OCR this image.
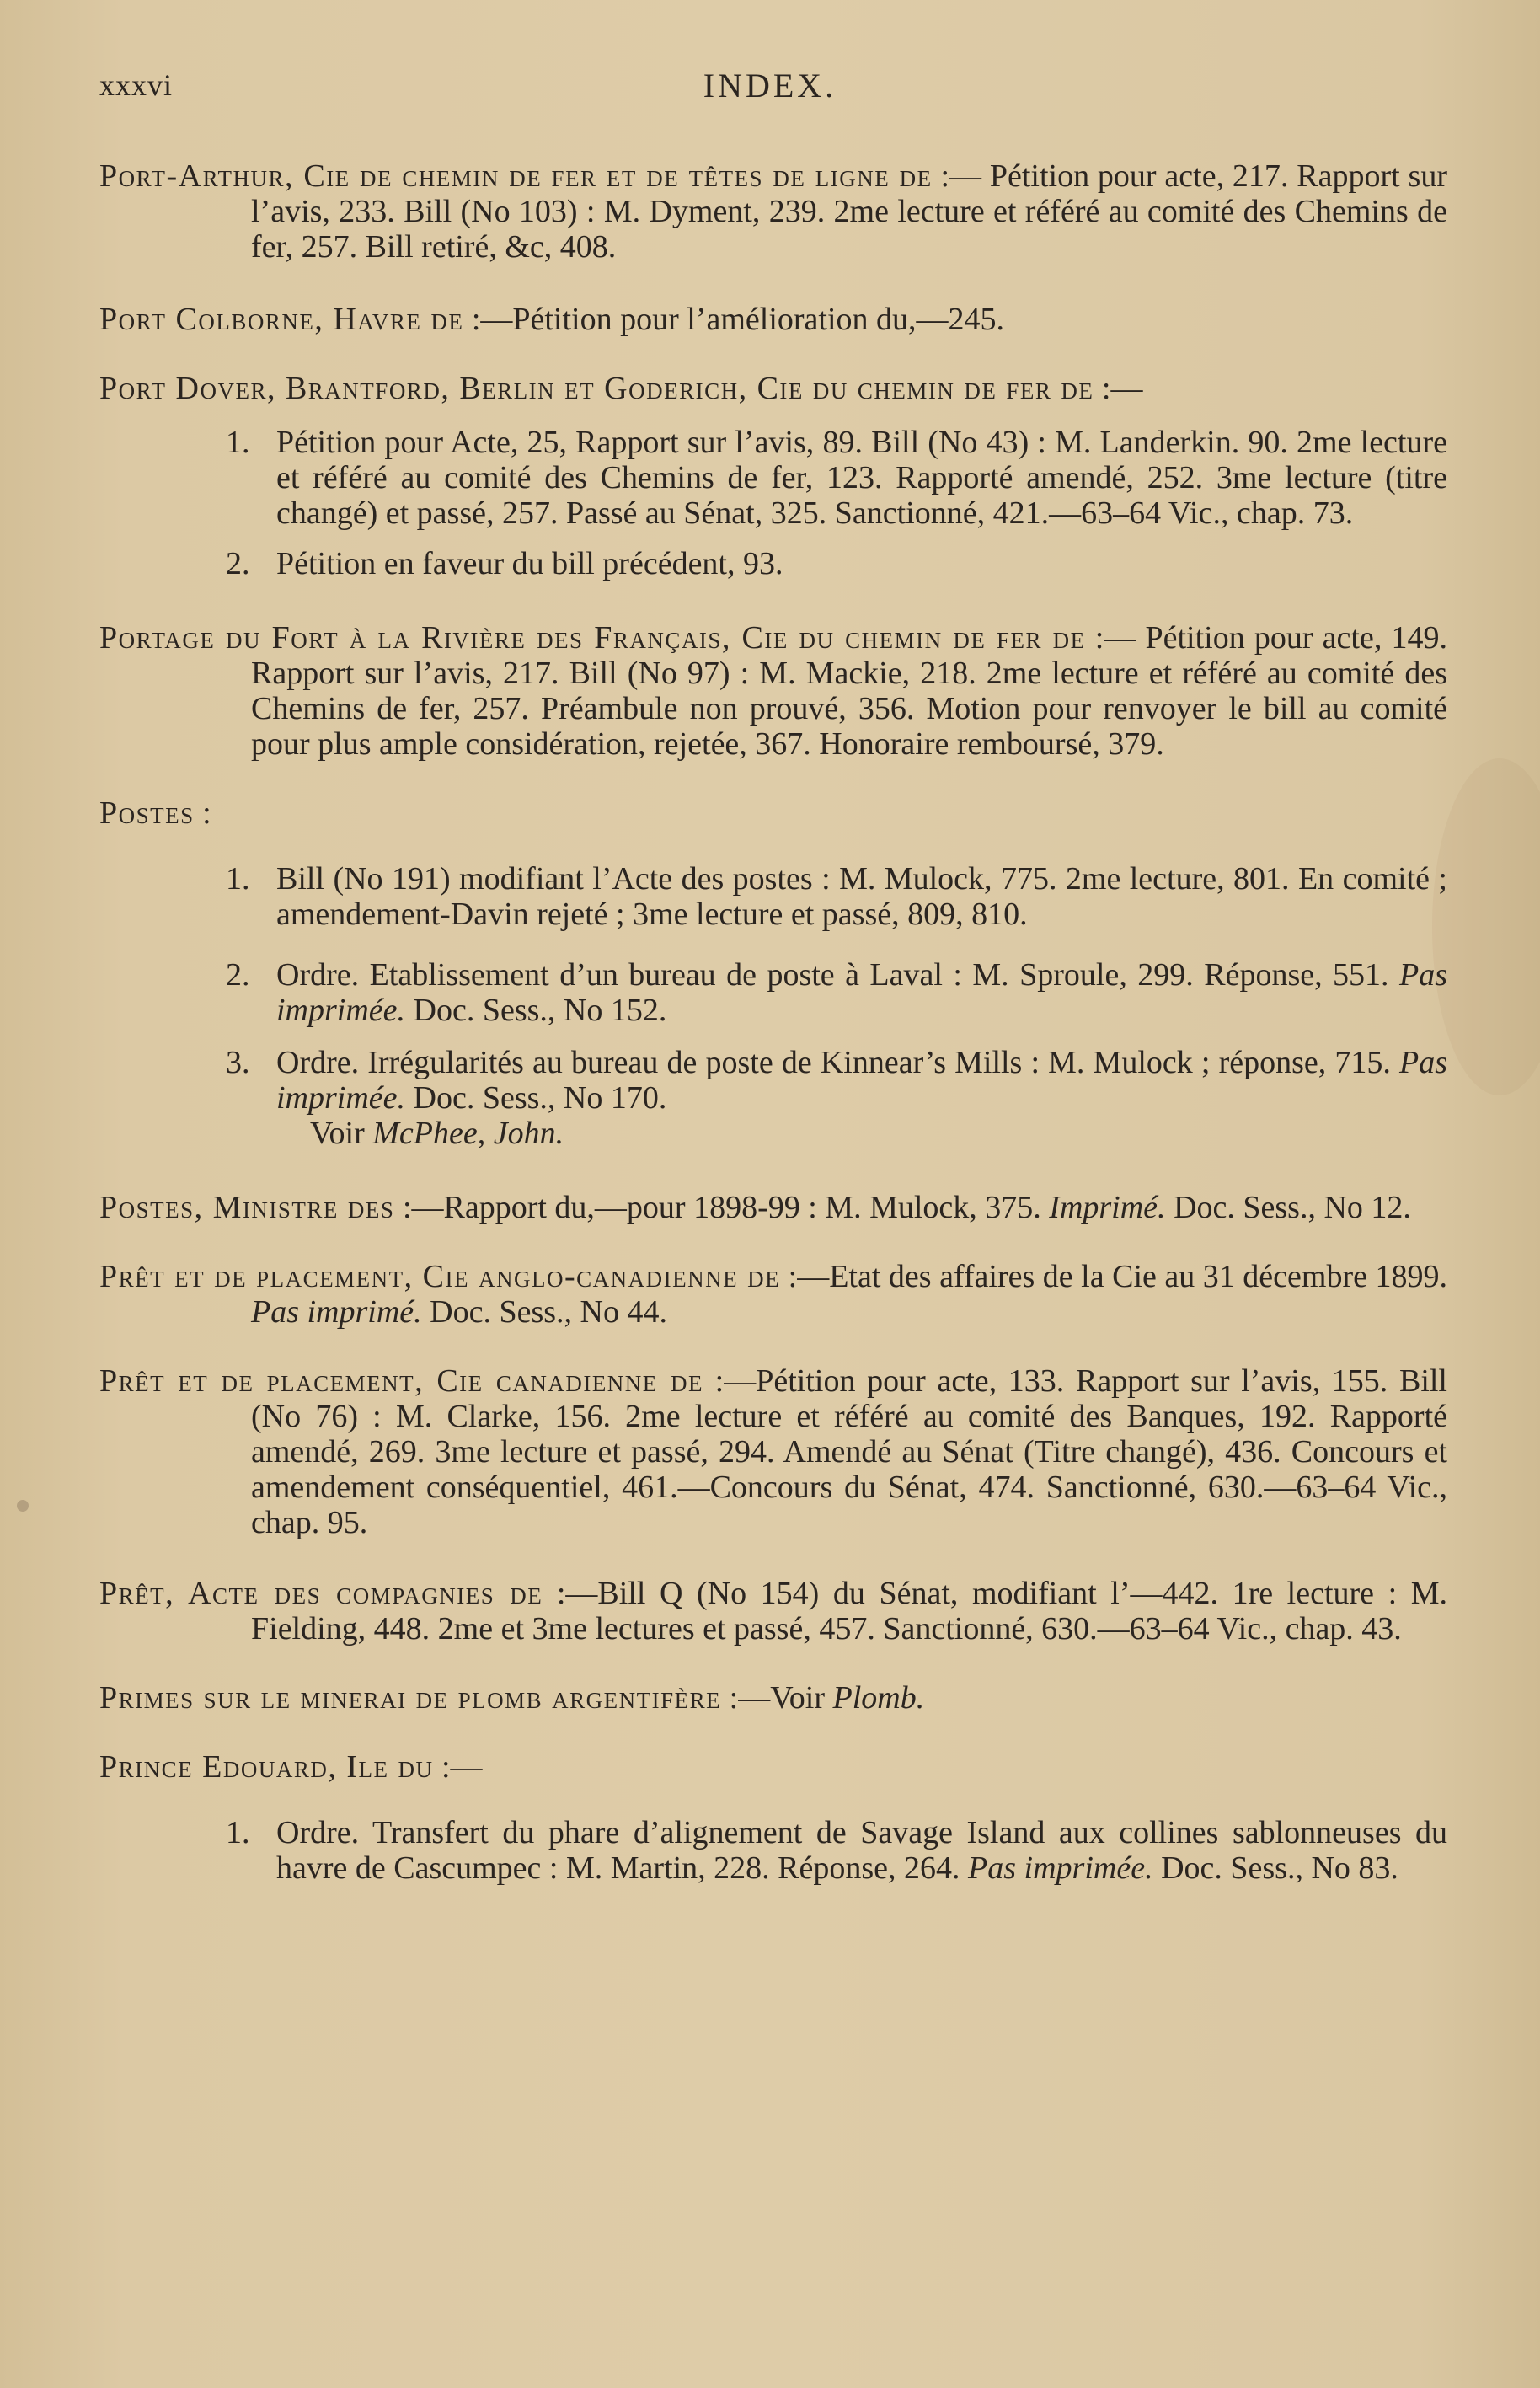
xxxvi	INDEX.
Port-Arthur, Cie de chemin de fer et de têtes de ligne de :— Pétition pour acte, 217. Rapport sur l’avis, 233. Bill (No 103) : M. Dyment, 239. 2me lecture et référé au comité des Chemins de fer, 257. Bill retiré, &c, 408.
Port Colborne, Havre de :—Pétition pour l’amélioration du,—245.
Port Dover, Brantford, Berlin et Goderich, Cie du chemin de fer de :—
1. Pétition pour Acte, 25, Rapport sur l’avis, 89. Bill (No 43) : M. Landerkin. 90. 2me lecture et référé au comité des Chemins de fer, 123. Rapporté amendé, 252. 3me lecture (titre changé) et passé, 257. Passé au Sénat, 325. Sanctionné, 421.—63–64 Vic., chap. 73.
2. Pétition en faveur du bill précédent, 93.
Portage du Fort à la Rivière des Français, Cie du chemin de fer de :— Pétition pour acte, 149. Rapport sur l’avis, 217. Bill (No 97) : M. Mackie, 218. 2me lecture et référé au comité des Chemins de fer, 257. Préambule non prouvé, 356. Motion pour renvoyer le bill au comité pour plus ample considération, rejetée, 367. Honoraire remboursé, 379.
Postes :
1. Bill (No 191) modifiant l’Acte des postes : M. Mulock, 775. 2me lecture, 801. En comité ; amendement-Davin rejeté ; 3me lecture et passé, 809, 810.
2. Ordre. Etablissement d’un bureau de poste à Laval : M. Sproule, 299. Réponse, 551. Pas imprimée. Doc. Sess., No 152.
3. Ordre. Irrégularités au bureau de poste de Kinnear’s Mills : M. Mulock ; réponse, 715. Pas imprimée. Doc. Sess., No 170.
Voir McPhee, John.
Postes, Ministre des :—Rapport du,—pour 1898-99 : M. Mulock, 375. Imprimé. Doc. Sess., No 12.
Prêt et de placement, Cie anglo-canadienne de :—Etat des affaires de la Cie au 31 décembre 1899. Pas imprimé. Doc. Sess., No 44.
Prêt et de placement, Cie canadienne de :—Pétition pour acte, 133. Rapport sur l’avis, 155. Bill (No 76) : M. Clarke, 156. 2me lecture et référé au comité des Banques, 192. Rapporté amendé, 269. 3me lecture et passé, 294. Amendé au Sénat (Titre changé), 436. Concours et amendement conséquentiel, 461.—Concours du Sénat, 474. Sanctionné, 630.—63–64 Vic., chap. 95.
Prêt, Acte des compagnies de :—Bill Q (No 154) du Sénat, modifiant l’—442. 1re lecture : M. Fielding, 448. 2me et 3me lectures et passé, 457. Sanctionné, 630.—63–64 Vic., chap. 43.
Primes sur le minerai de plomb argentifère :—Voir Plomb.
Prince Edouard, Ile du :—
1. Ordre. Transfert du phare d’alignement de Savage Island aux collines sablonneuses du havre de Cascumpec : M. Martin, 228. Réponse, 264. Pas imprimée. Doc. Sess., No 83.
